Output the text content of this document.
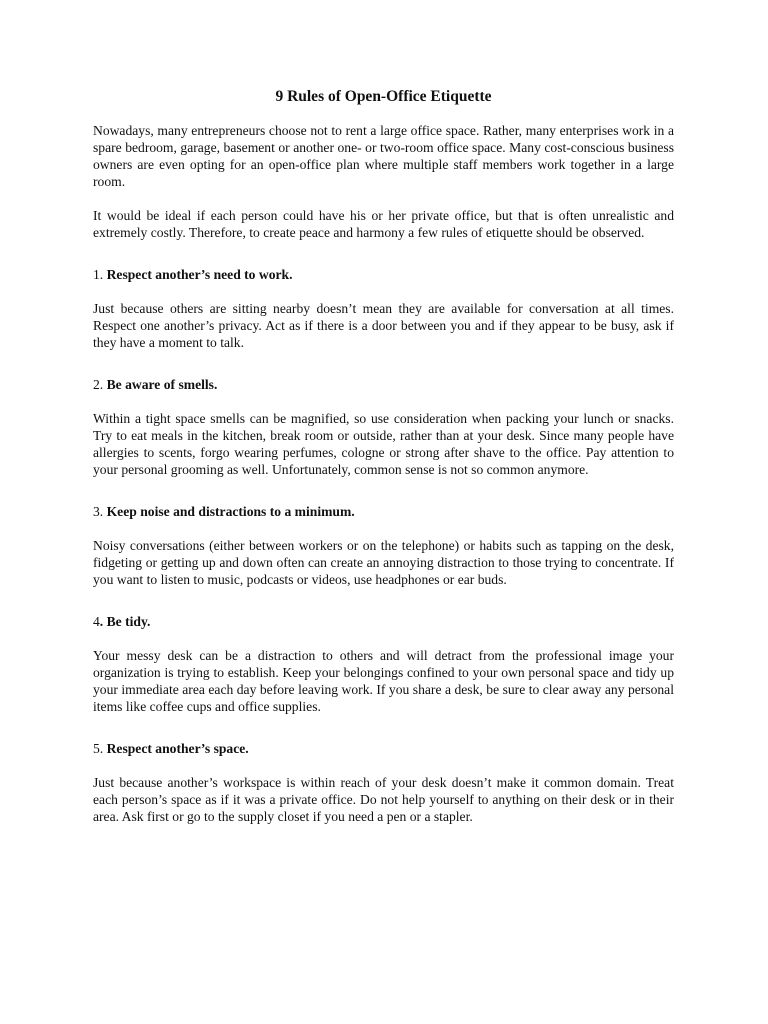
9 Rules of Open-Office Etiquette

Nowadays, many entrepreneurs choose not to rent a large office space. Rather, many enterprises work in a spare bedroom, garage, basement or another one- or two-room office space. Many cost-conscious business owners are even opting for an open-office plan where multiple staff members work together in a large room.

It would be ideal if each person could have his or her private office, but that is often unrealistic and extremely costly. Therefore, to create peace and harmony a few rules of etiquette should be observed.

1. Respect another’s need to work.

Just because others are sitting nearby doesn’t mean they are available for conversation at all times. Respect one another’s privacy. Act as if there is a door between you and if they appear to be busy, ask if they have a moment to talk.

2. Be aware of smells.

Within a tight space smells can be magnified, so use consideration when packing your lunch or snacks. Try to eat meals in the kitchen, break room or outside, rather than at your desk. Since many people have allergies to scents, forgo wearing perfumes, cologne or strong after shave to the office. Pay attention to your personal grooming as well. Unfortunately, common sense is not so common anymore.

3. Keep noise and distractions to a minimum.

Noisy conversations (either between workers or on the telephone) or habits such as tapping on the desk, fidgeting or getting up and down often can create an annoying distraction to those trying to concentrate. If you want to listen to music, podcasts or videos, use headphones or ear buds.

4. Be tidy.

Your messy desk can be a distraction to others and will detract from the professional image your organization is trying to establish. Keep your belongings confined to your own personal space and tidy up your immediate area each day before leaving work. If you share a desk, be sure to clear away any personal items like coffee cups and office supplies.

5. Respect another’s space.

Just because another’s workspace is within reach of your desk doesn’t make it common domain. Treat each person’s space as if it was a private office. Do not help yourself to anything on their desk or in their area. Ask first or go to the supply closet if you need a pen or a stapler.
